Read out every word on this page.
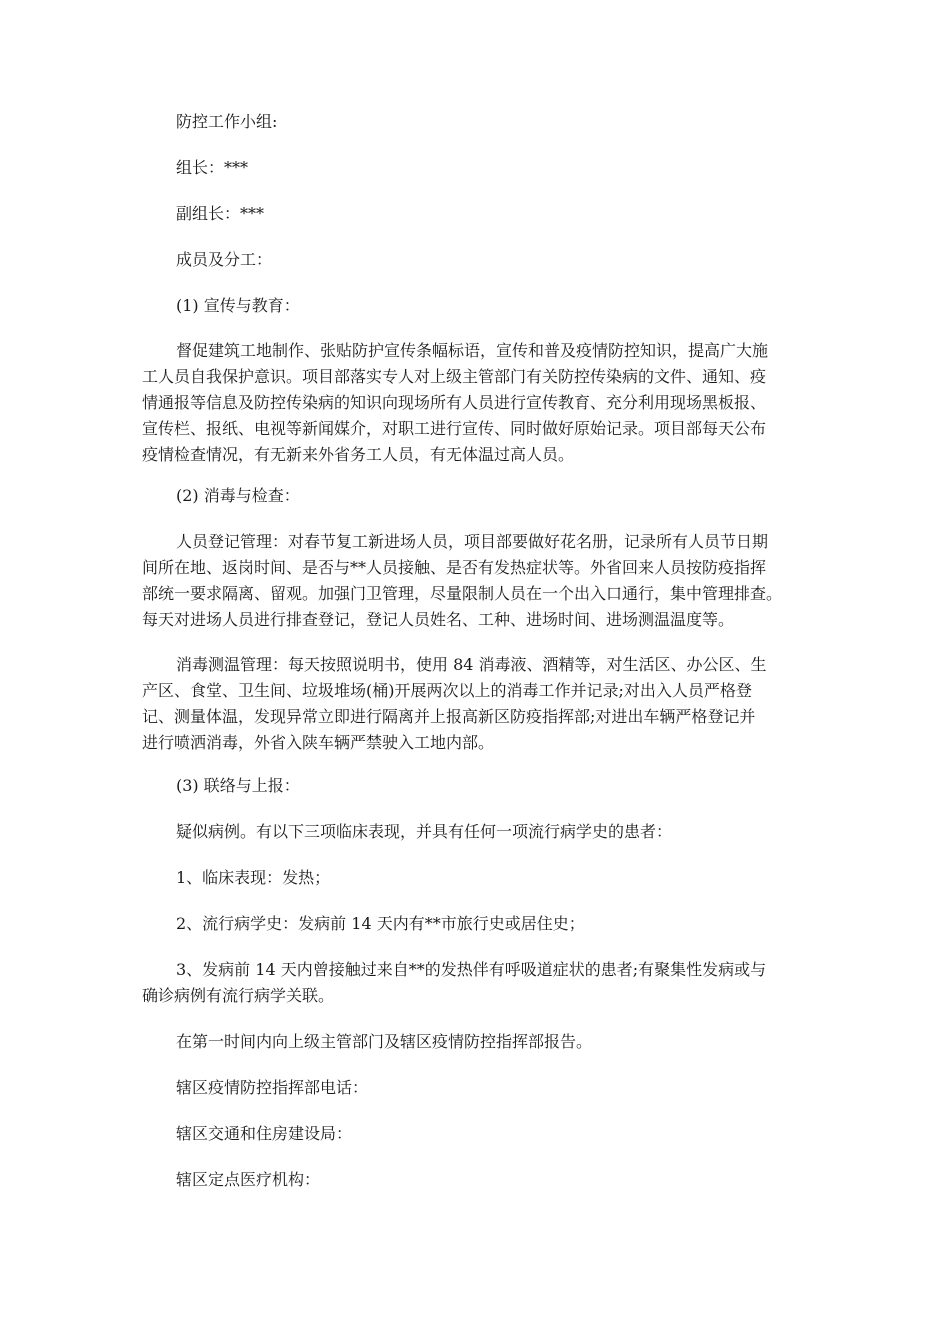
防控工作小组:
组长：***
副组长：***
成员及分工：
(1) 宣传与教育：
督促建筑工地制作、张贴防护宣传条幅标语，宣传和普及疫情防控知识，提高广大施
工人员自我保护意识。项目部落实专人对上级主管部门有关防控传染病的文件、通知、疫
情通报等信息及防控传染病的知识向现场所有人员进行宣传教育、充分利用现场黑板报、
宣传栏、报纸、电视等新闻媒介，对职工进行宣传、同时做好原始记录。项目部每天公布
疫情检查情况，有无新来外省务工人员，有无体温过高人员。
(2) 消毒与检查：
人员登记管理：对春节复工新进场人员，项目部要做好花名册，记录所有人员节日期
间所在地、返岗时间、是否与**人员接触、是否有发热症状等。外省回来人员按防疫指挥
部统一要求隔离、留观。加强门卫管理，尽量限制人员在一个出入口通行，集中管理排查。
每天对进场人员进行排查登记，登记人员姓名、工种、进场时间、进场测温温度等。
消毒测温管理：每天按照说明书，使用 84 消毒液、酒精等，对生活区、办公区、生
产区、食堂、卫生间、垃圾堆场(桶)开展两次以上的消毒工作并记录;对出入人员严格登
记、测量体温，发现异常立即进行隔离并上报高新区防疫指挥部;对进出车辆严格登记并
进行喷洒消毒，外省入陕车辆严禁驶入工地内部。
(3) 联络与上报：
疑似病例。有以下三项临床表现，并具有任何一项流行病学史的患者：
1、临床表现：发热；
2、流行病学史：发病前 14 天内有**市旅行史或居住史；
3、发病前 14 天内曾接触过来自**的发热伴有呼吸道症状的患者;有聚集性发病或与
确诊病例有流行病学关联。
在第一时间内向上级主管部门及辖区疫情防控指挥部报告。
辖区疫情防控指挥部电话：
辖区交通和住房建设局：
辖区定点医疗机构：
